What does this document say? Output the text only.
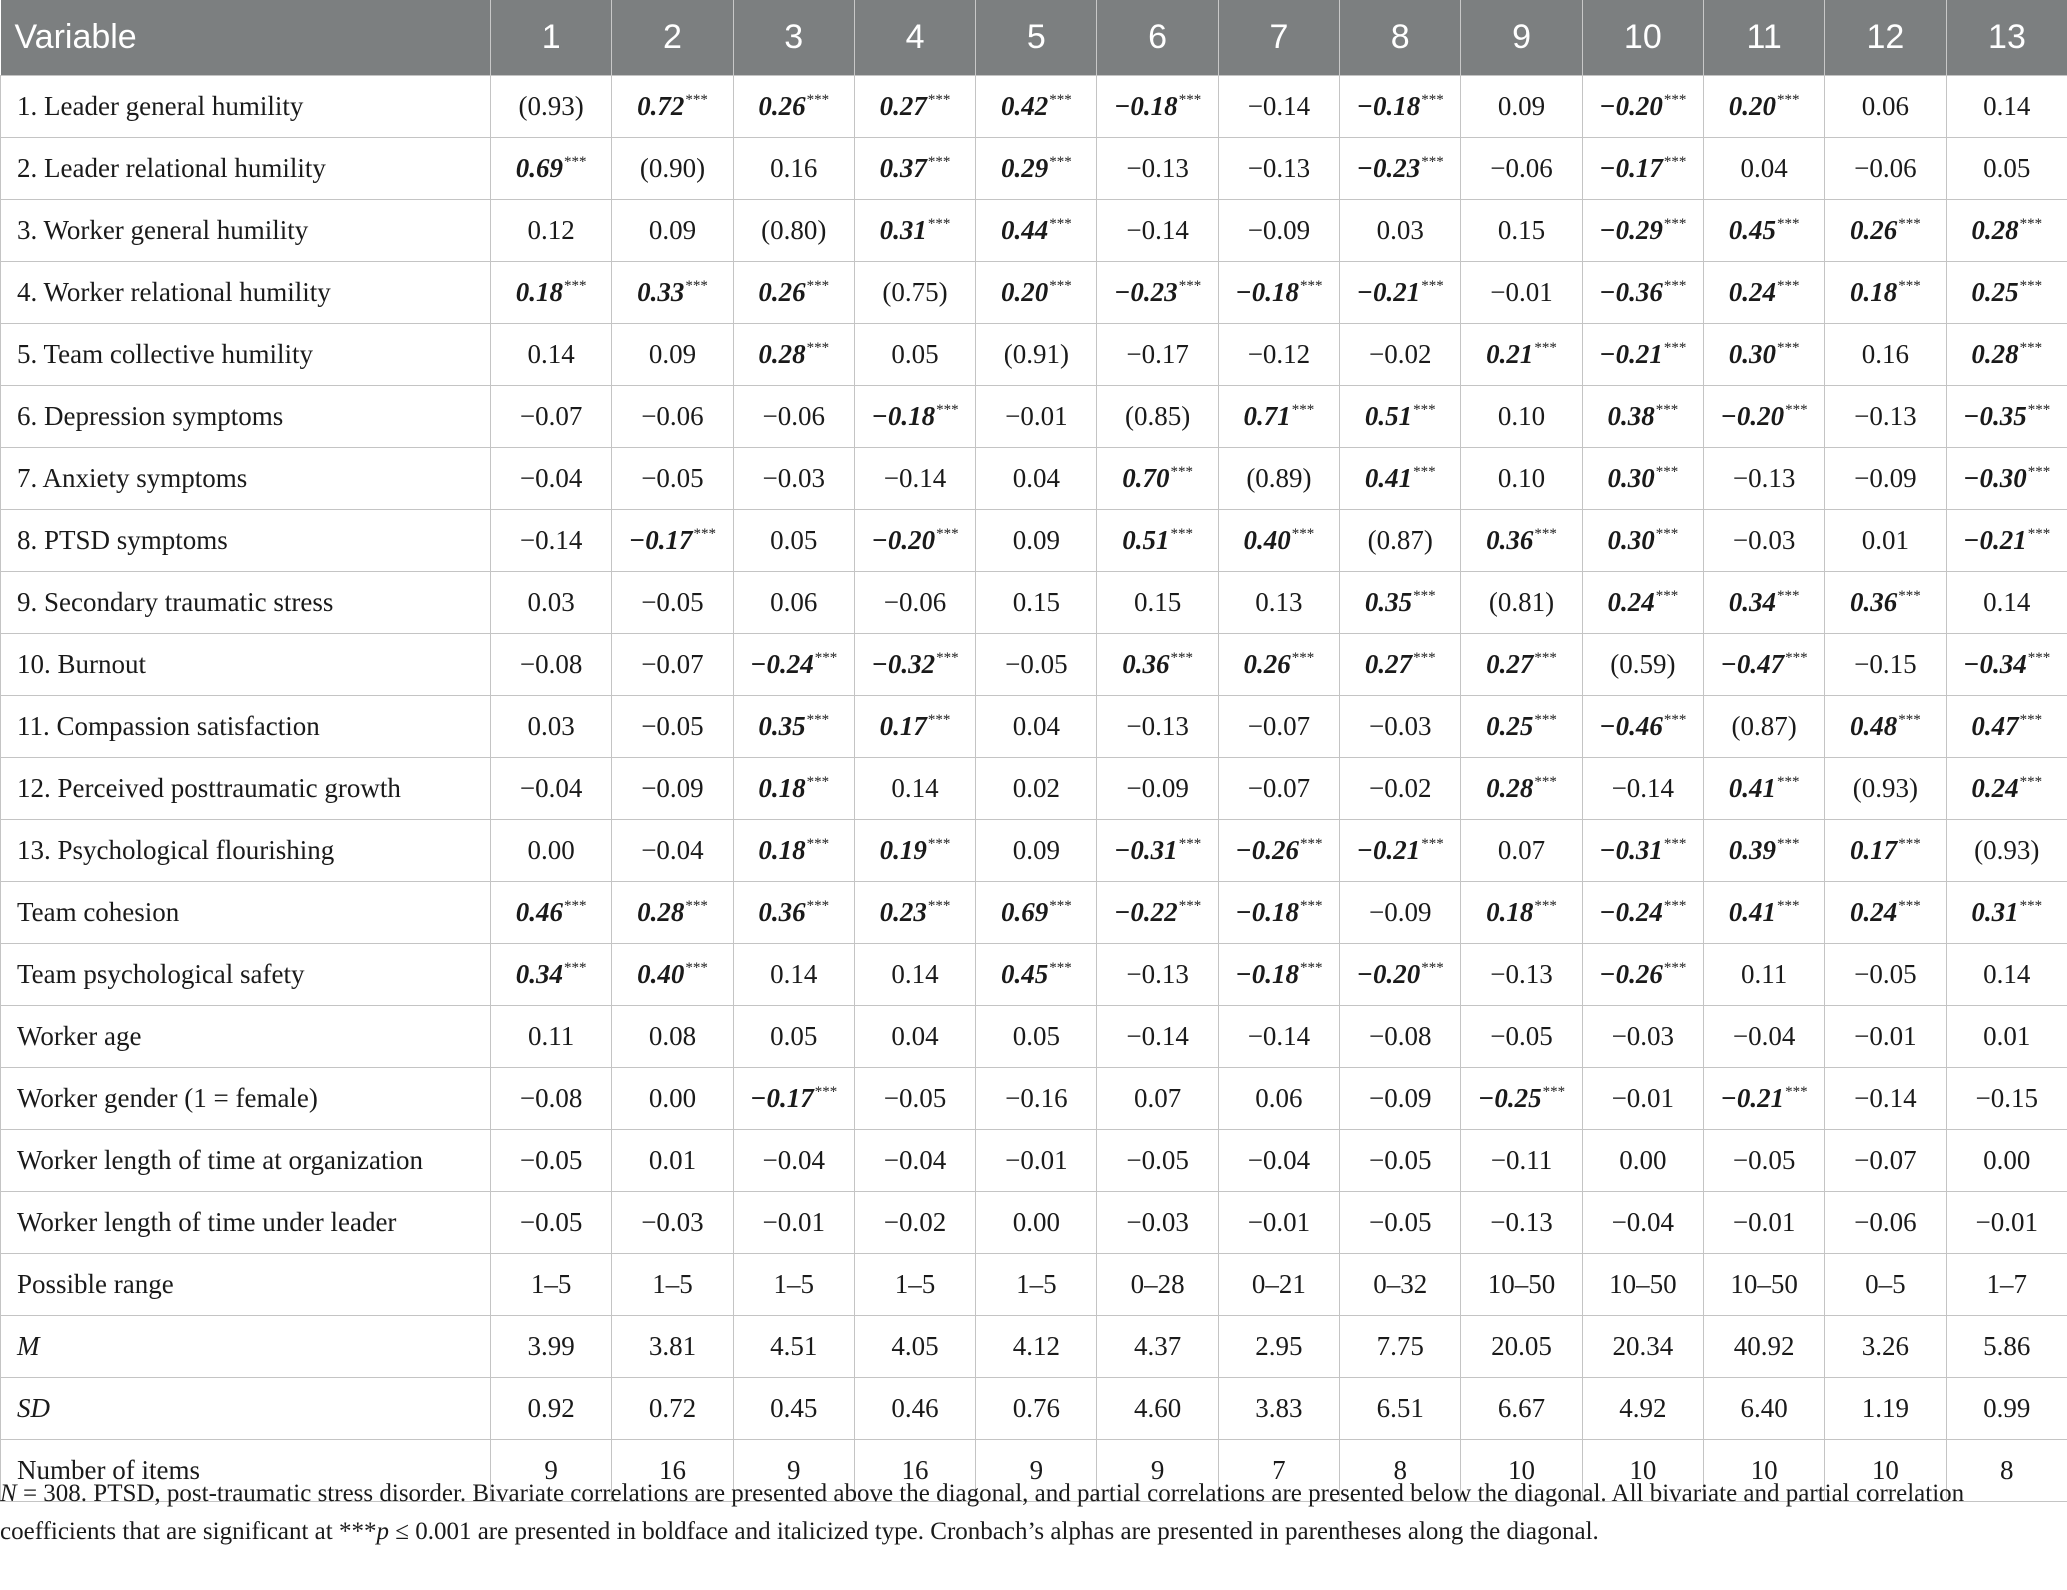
Variable	1	2	3	4	5	6	7	8	9	10	11	12	13
1. Leader general humility	(0.93)	0.72***	0.26***	0.27***	0.42***	−0.18***	−0.14	−0.18***	0.09	−0.20***	0.20***	0.06	0.14
2. Leader relational humility	0.69***	(0.90)	0.16	0.37***	0.29***	−0.13	−0.13	−0.23***	−0.06	−0.17***	0.04	−0.06	0.05
3. Worker general humility	0.12	0.09	(0.80)	0.31***	0.44***	−0.14	−0.09	0.03	0.15	−0.29***	0.45***	0.26***	0.28***
4. Worker relational humility	0.18***	0.33***	0.26***	(0.75)	0.20***	−0.23***	−0.18***	−0.21***	−0.01	−0.36***	0.24***	0.18***	0.25***
5. Team collective humility	0.14	0.09	0.28***	0.05	(0.91)	−0.17	−0.12	−0.02	0.21***	−0.21***	0.30***	0.16	0.28***
6. Depression symptoms	−0.07	−0.06	−0.06	−0.18***	−0.01	(0.85)	0.71***	0.51***	0.10	0.38***	−0.20***	−0.13	−0.35***
7. Anxiety symptoms	−0.04	−0.05	−0.03	−0.14	0.04	0.70***	(0.89)	0.41***	0.10	0.30***	−0.13	−0.09	−0.30***
8. PTSD symptoms	−0.14	−0.17***	0.05	−0.20***	0.09	0.51***	0.40***	(0.87)	0.36***	0.30***	−0.03	0.01	−0.21***
9. Secondary traumatic stress	0.03	−0.05	0.06	−0.06	0.15	0.15	0.13	0.35***	(0.81)	0.24***	0.34***	0.36***	0.14
10. Burnout	−0.08	−0.07	−0.24***	−0.32***	−0.05	0.36***	0.26***	0.27***	0.27***	(0.59)	−0.47***	−0.15	−0.34***
11. Compassion satisfaction	0.03	−0.05	0.35***	0.17***	0.04	−0.13	−0.07	−0.03	0.25***	−0.46***	(0.87)	0.48***	0.47***
12. Perceived posttraumatic growth	−0.04	−0.09	0.18***	0.14	0.02	−0.09	−0.07	−0.02	0.28***	−0.14	0.41***	(0.93)	0.24***
13. Psychological flourishing	0.00	−0.04	0.18***	0.19***	0.09	−0.31***	−0.26***	−0.21***	0.07	−0.31***	0.39***	0.17***	(0.93)
Team cohesion	0.46***	0.28***	0.36***	0.23***	0.69***	−0.22***	−0.18***	−0.09	0.18***	−0.24***	0.41***	0.24***	0.31***
Team psychological safety	0.34***	0.40***	0.14	0.14	0.45***	−0.13	−0.18***	−0.20***	−0.13	−0.26***	0.11	−0.05	0.14
Worker age	0.11	0.08	0.05	0.04	0.05	−0.14	−0.14	−0.08	−0.05	−0.03	−0.04	−0.01	0.01
Worker gender (1 = female)	−0.08	0.00	−0.17***	−0.05	−0.16	0.07	0.06	−0.09	−0.25***	−0.01	−0.21***	−0.14	−0.15
Worker length of time at organization	−0.05	0.01	−0.04	−0.04	−0.01	−0.05	−0.04	−0.05	−0.11	0.00	−0.05	−0.07	0.00
Worker length of time under leader	−0.05	−0.03	−0.01	−0.02	0.00	−0.03	−0.01	−0.05	−0.13	−0.04	−0.01	−0.06	−0.01
Possible range	1–5	1–5	1–5	1–5	1–5	0–28	0–21	0–32	10–50	10–50	10–50	0–5	1–7
M	3.99	3.81	4.51	4.05	4.12	4.37	2.95	7.75	20.05	20.34	40.92	3.26	5.86
SD	0.92	0.72	0.45	0.46	0.76	4.60	3.83	6.51	6.67	4.92	6.40	1.19	0.99
Number of items	9	16	9	16	9	9	7	8	10	10	10	10	8
N = 308. PTSD, post-traumatic stress disorder. Bivariate correlations are presented above the diagonal, and partial correlations are presented below the diagonal. All bivariate and partial correlation coefficients that are significant at ***p ≤ 0.001 are presented in boldface and italicized type. Cronbach’s alphas are presented in parentheses along the diagonal.
